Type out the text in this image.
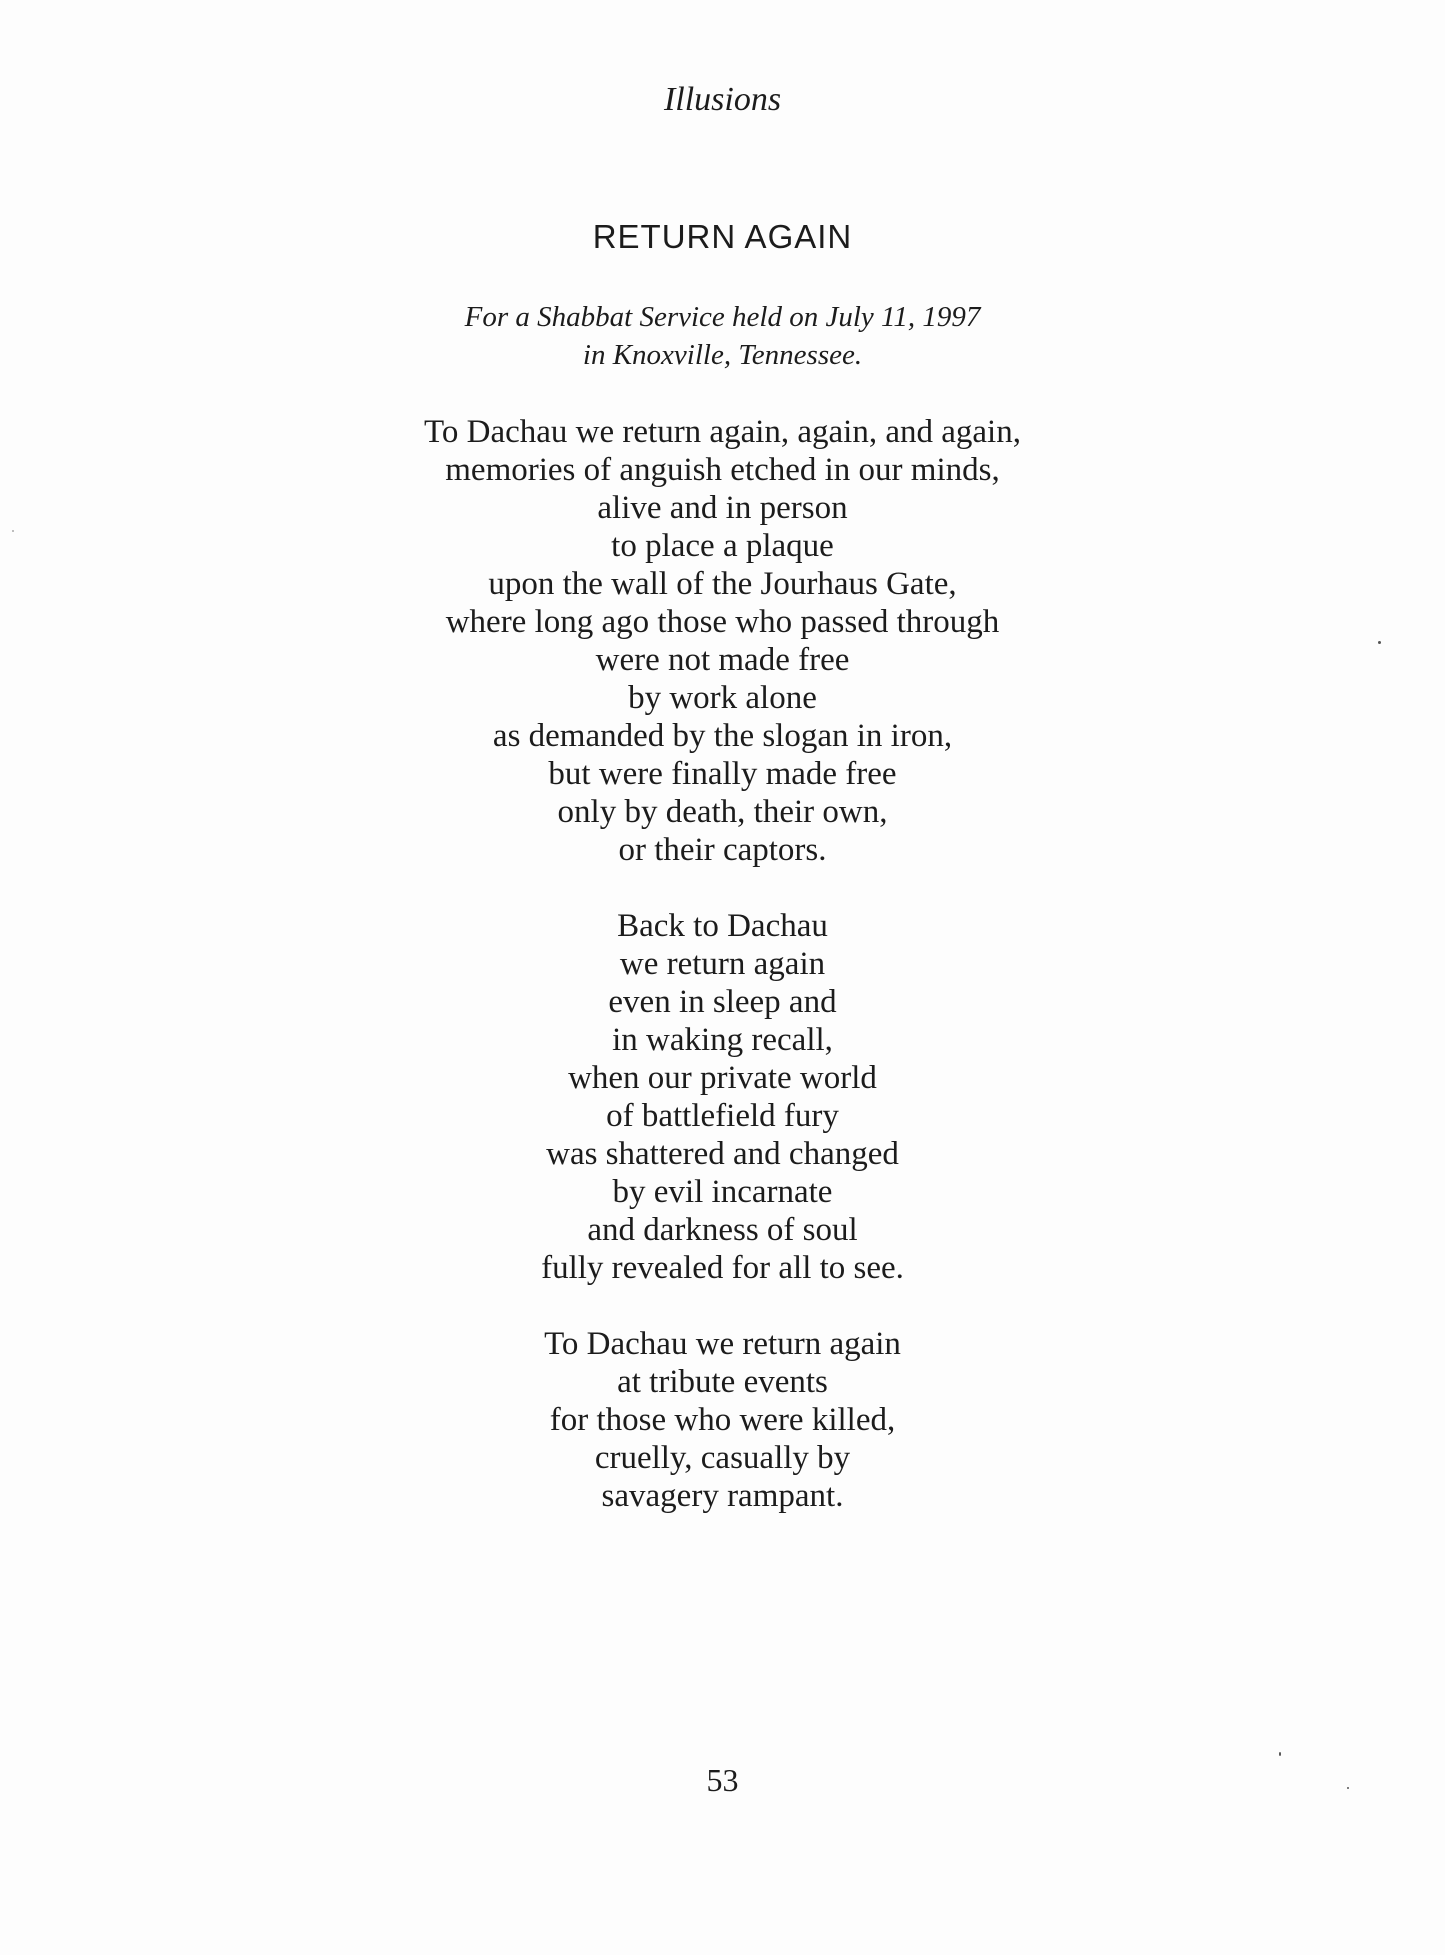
Illusions
RETURN AGAIN
For a Shabbat Service held on July 11, 1997
in Knoxville, Tennessee.
To Dachau we return again, again, and again,
memories of anguish etched in our minds,
alive and in person
to place a plaque
upon the wall of the Jourhaus Gate,
where long ago those who passed through
were not made free
by work alone
as demanded by the slogan in iron,
but were finally made free
only by death, their own,
or their captors.
Back to Dachau
we return again
even in sleep and
in waking recall,
when our private world
of battlefield fury
was shattered and changed
by evil incarnate
and darkness of soul
fully revealed for all to see.
To Dachau we return again
at tribute events
for those who were killed,
cruelly, casually by
savagery rampant.
53
